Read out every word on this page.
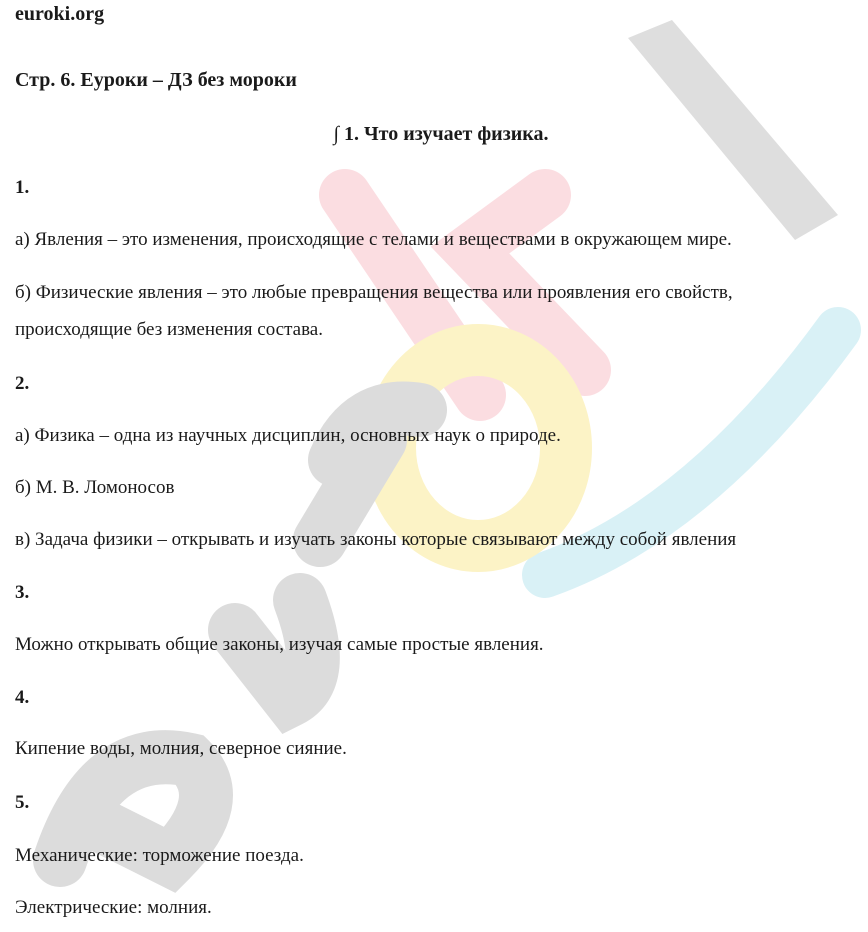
euroki.org
Стр. 6. Еуроки – ДЗ без мороки
∫ 1. Что изучает физика.
1.
а) Явления – это изменения, происходящие с телами и веществами в окружающем мире.
б) Физические явления – это любые превращения вещества или проявления его свойств,
происходящие без изменения состава.
2.
а) Физика – одна из научных дисциплин, основных наук о природе.
б) М. В. Ломоносов
в) Задача физики – открывать и изучать законы которые связывают между собой явления
3.
Можно открывать общие законы, изучая самые простые явления.
4.
Кипение воды, молния, северное сияние.
5.
Механические: торможение поезда.
Электрические: молния.
